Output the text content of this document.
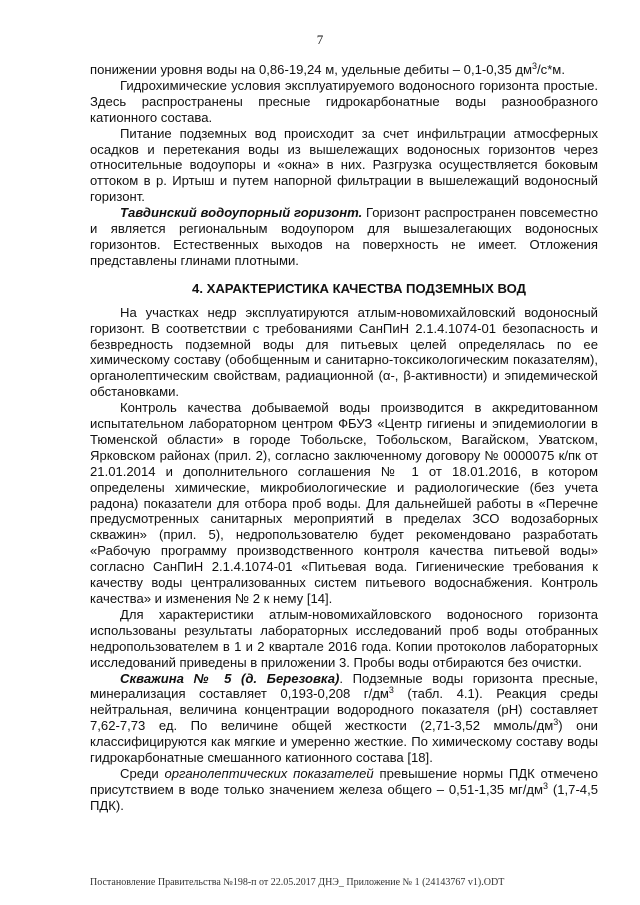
7

понижении уровня воды на 0,86-19,24 м, удельные дебиты – 0,1-0,35 $дм^3/с*м$.

Гидрохимические условия эксплуатируемого водоносного горизонта простые. Здесь распространены пресные гидрокарбонатные воды разнообразного катионного состава.

Питание подземных вод происходит за счет инфильтрации атмосферных осадков и перетекания воды из вышележащих водоносных горизонтов через относительные водоупоры и «окна» в них. Разгрузка осуществляется боковым оттоком в р. Иртыш и путем напорной фильтрации в вышележащий водоносный горизонт.

Тавдинский водоупорный горизонт. Горизонт распространен повсеместно и является региональным водоупором для вышезалегающих водоносных горизонтов. Естественных выходов на поверхность не имеет. Отложения представлены глинами плотными.

4. ХАРАКТЕРИСТИКА КАЧЕСТВА ПОДЗЕМНЫХ ВОД

На участках недр эксплуатируются атлым-новомихайловский водоносный горизонт. В соответствии с требованиями СанПиН 2.1.4.1074-01 безопасность и безвредность подземной воды для питьевых целей определялась по ее химическому составу (обобщенным и санитарно-токсикологическим показателям), органолептическим свойствам, радиационной (α-, β-активности) и эпидемической обстановками.

Контроль качества добываемой воды производится в аккредитованном испытательном лабораторном центром ФБУЗ «Центр гигиены и эпидемиологии в Тюменской области» в городе Тобольске, Тобольском, Вагайском, Уватском, Ярковском районах (прил. 2), согласно заключенному договору № 0000075 к/пк от 21.01.2014 и дополнительного соглашения № 1 от 18.01.2016, в котором определены химические, микробиологические и радиологические (без учета радона) показатели для отбора проб воды. Для дальнейшей работы в «Перечне предусмотренных санитарных мероприятий в пределах ЗСО водозаборных скважин» (прил. 5), недропользователю будет рекомендовано разработать «Рабочую программу производственного контроля качества питьевой воды» согласно СанПиН 2.1.4.1074-01 «Питьевая вода. Гигиенические требования к качеству воды централизованных систем питьевого водоснабжения. Контроль качества» и изменения № 2 к нему [14].

Для характеристики атлым-новомихайловского водоносного горизонта использованы результаты лабораторных исследований проб воды отобранных недропользователем в 1 и 2 квартале 2016 года. Копии протоколов лабораторных исследований приведены в приложении 3. Пробы воды отбираются без очистки.

Скважина № 5 (д. Березовка). Подземные воды горизонта пресные, минерализация составляет 0,193-0,208 $г/дм^3$ (табл. 4.1). Реакция среды нейтральная, величина концентрации водородного показателя (pH) составляет 7,62-7,73 ед. По величине общей жесткости (2,71-3,52 ммоль/$дм^3$) они классифицируются как мягкие и умеренно жесткие. По химическому составу воды гидрокарбонатные смешанного катионного состава [18].

Среди органолептических показателей превышение нормы ПДК отмечено присутствием в воде только значением железа общего – 0,51-1,35 $мг/дм^3$ (1,7-4,5 ПДК).

Постановление Правительства №198-п от 22.05.2017 ДНЭ_ Приложение № 1 (24143767 v1).ODT
